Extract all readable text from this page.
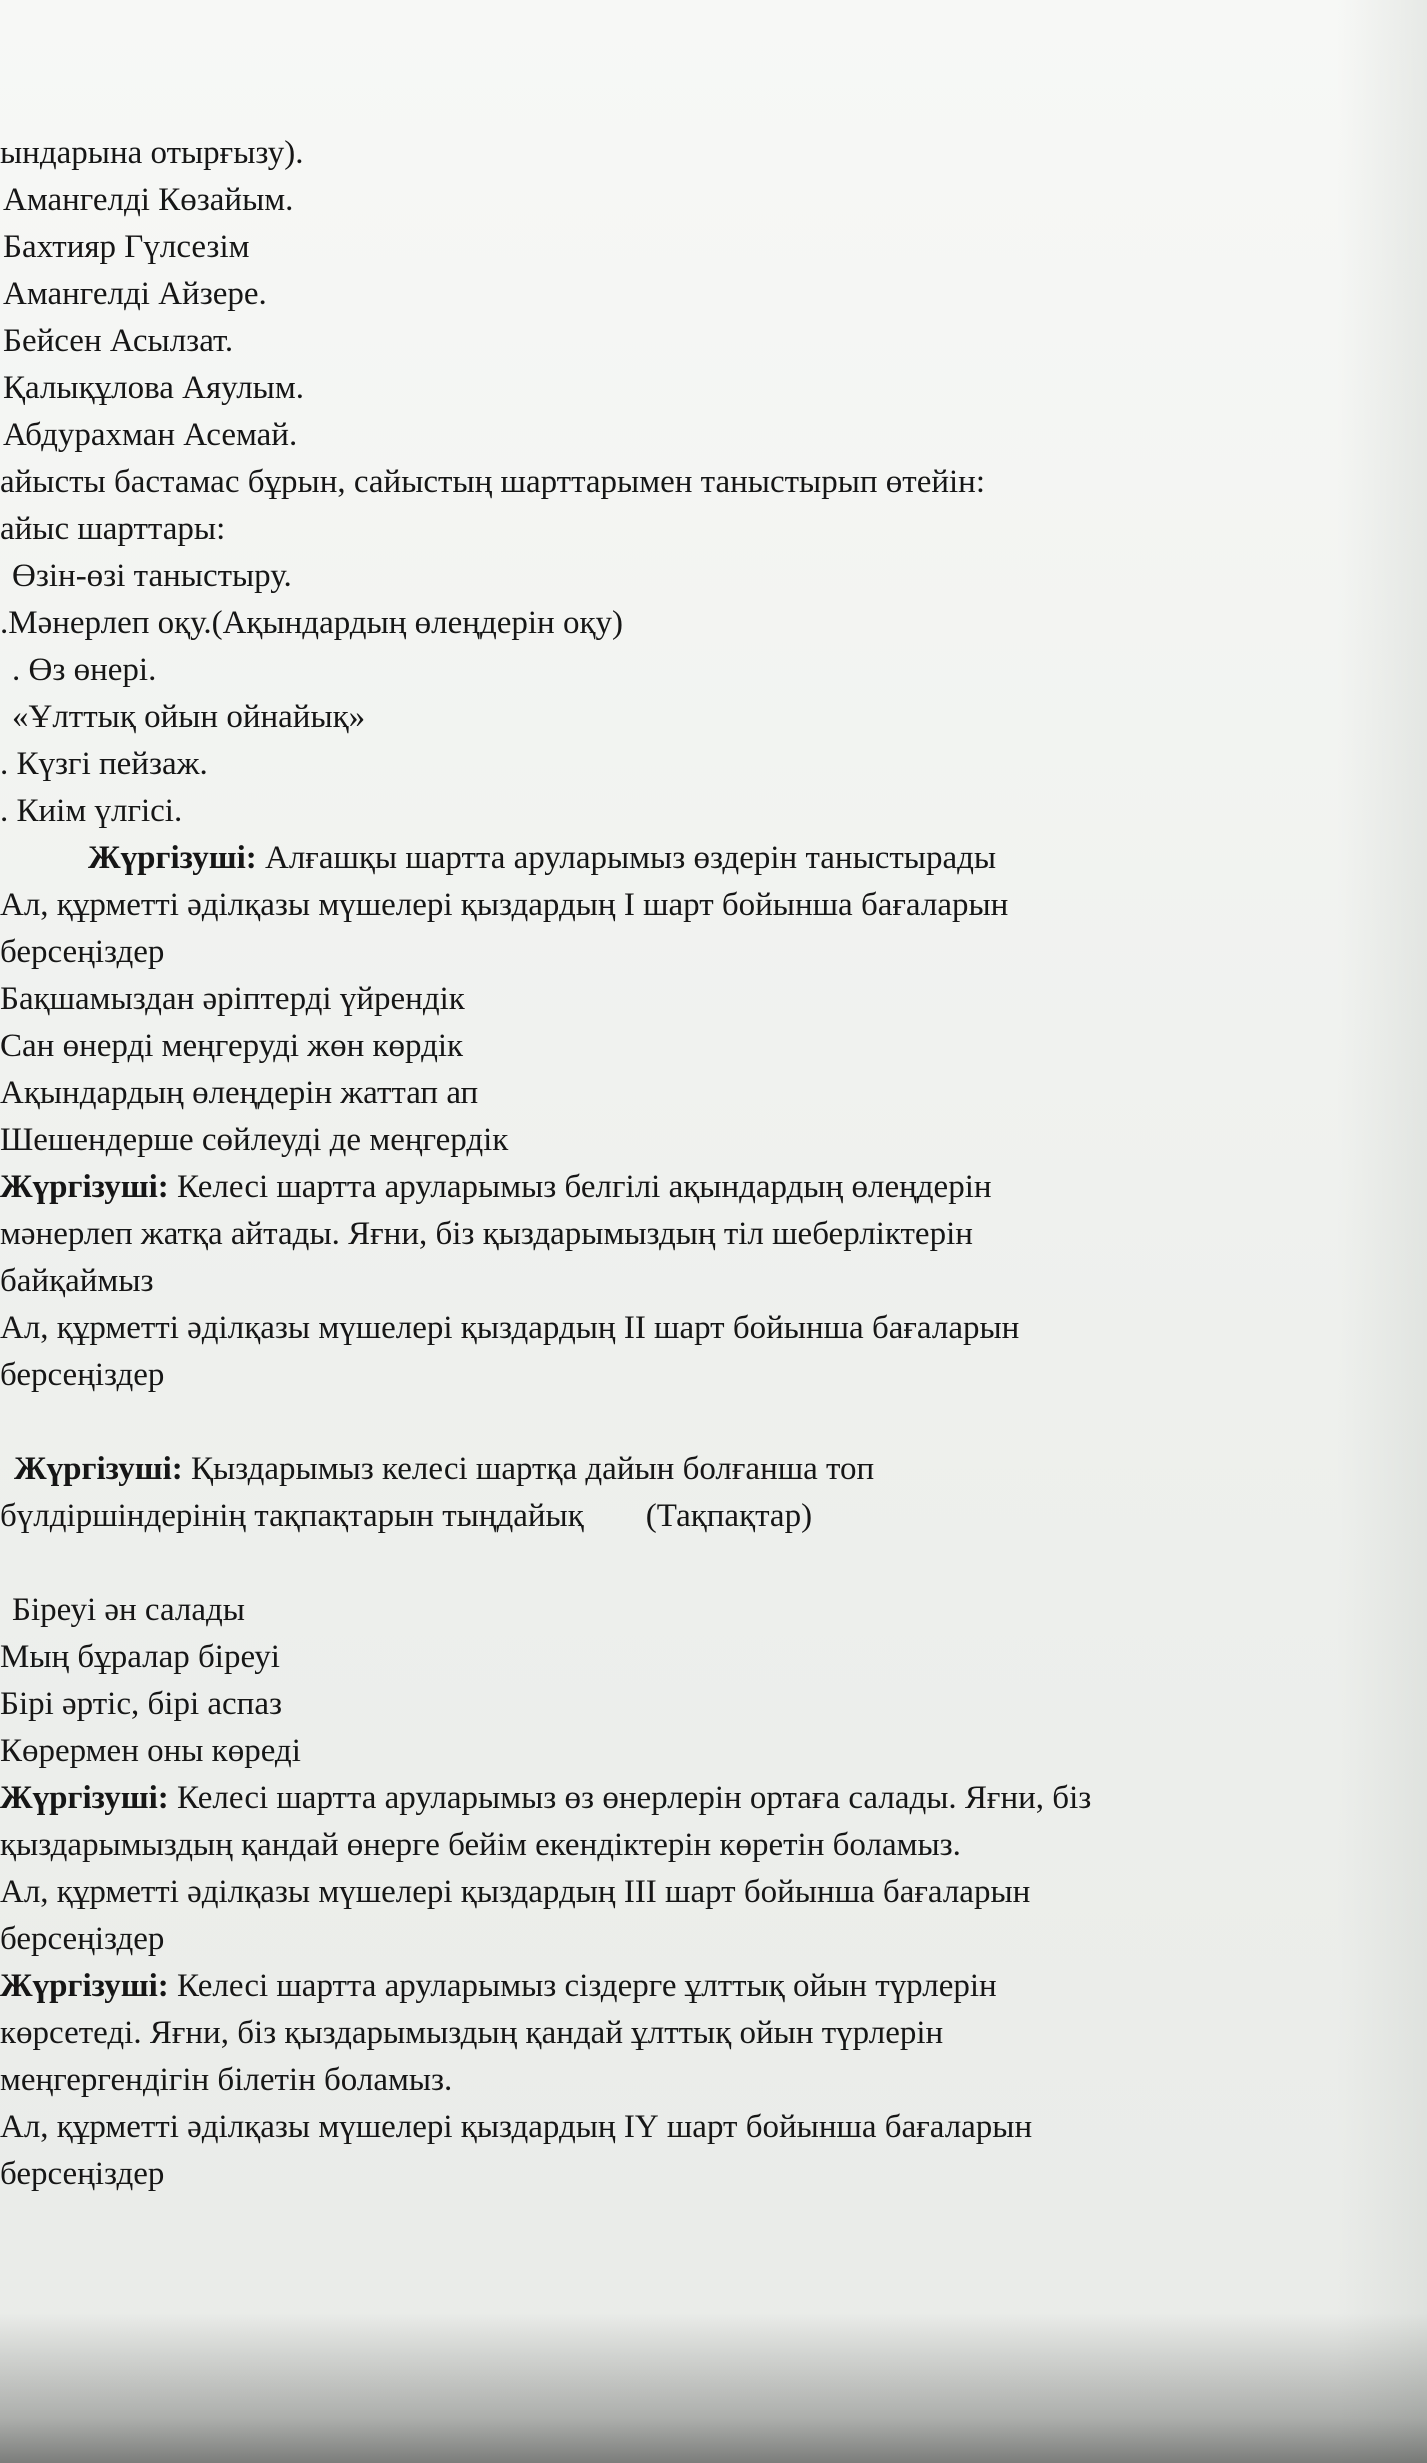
ындарына отырғызу).
Амангелді Көзайым.
Бахтияр Гүлсезім
Амангелді Айзере.
Бейсен Асылзат.
Қалықұлова Аяулым.
Абдурахман Асемай.
айысты бастамас бұрын, сайыстың шарттарымен таныстырып өтейін:
айыс шарттары:
Өзін-өзі таныстыру.
.Мәнерлеп оқу.(Ақындардың өлеңдерін оқу)
. Өз өнері.
«Ұлттық ойын ойнайық»
. Күзгі пейзаж.
. Киім үлгісі.
Жүргізуші: Алғашқы шартта аруларымыз өздерін таныстырады
Ал, құрметті әділқазы мүшелері қыздардың І шарт бойынша бағаларын
берсеңіздер
Бақшамыздан әріптерді үйрендік
Сан өнерді меңгеруді жөн көрдік
Ақындардың өлеңдерін жаттап ап
Шешендерше сөйлеуді де меңгердік
Жүргізуші: Келесі шартта аруларымыз белгілі ақындардың өлеңдерін
мәнерлеп жатқа айтады. Яғни, біз қыздарымыздың тіл шеберліктерін
байқаймыз
Ал, құрметті әділқазы мүшелері қыздардың ІІ шарт бойынша бағаларын
берсеңіздер
Жүргізуші: Қыздарымыз келесі шартқа дайын болғанша топ
бүлдіршіндерінің тақпақтарын тыңдайық (Тақпақтар)
Біреуі ән салады
Мың бұралар біреуі
Бірі әртіс, бірі аспаз
Көрермен оны көреді
Жүргізуші: Келесі шартта аруларымыз өз өнерлерін ортаға салады. Яғни, біз
қыздарымыздың қандай өнерге бейім екендіктерін көретін боламыз.
Ал, құрметті әділқазы мүшелері қыздардың ІІІ шарт бойынша бағаларын
берсеңіздер
Жүргізуші: Келесі шартта аруларымыз сіздерге ұлттық ойын түрлерін
көрсетеді. Яғни, біз қыздарымыздың қандай ұлттық ойын түрлерін
меңгергендігін білетін боламыз.
Ал, құрметті әділқазы мүшелері қыздардың ІҮ шарт бойынша бағаларын
берсеңіздер
